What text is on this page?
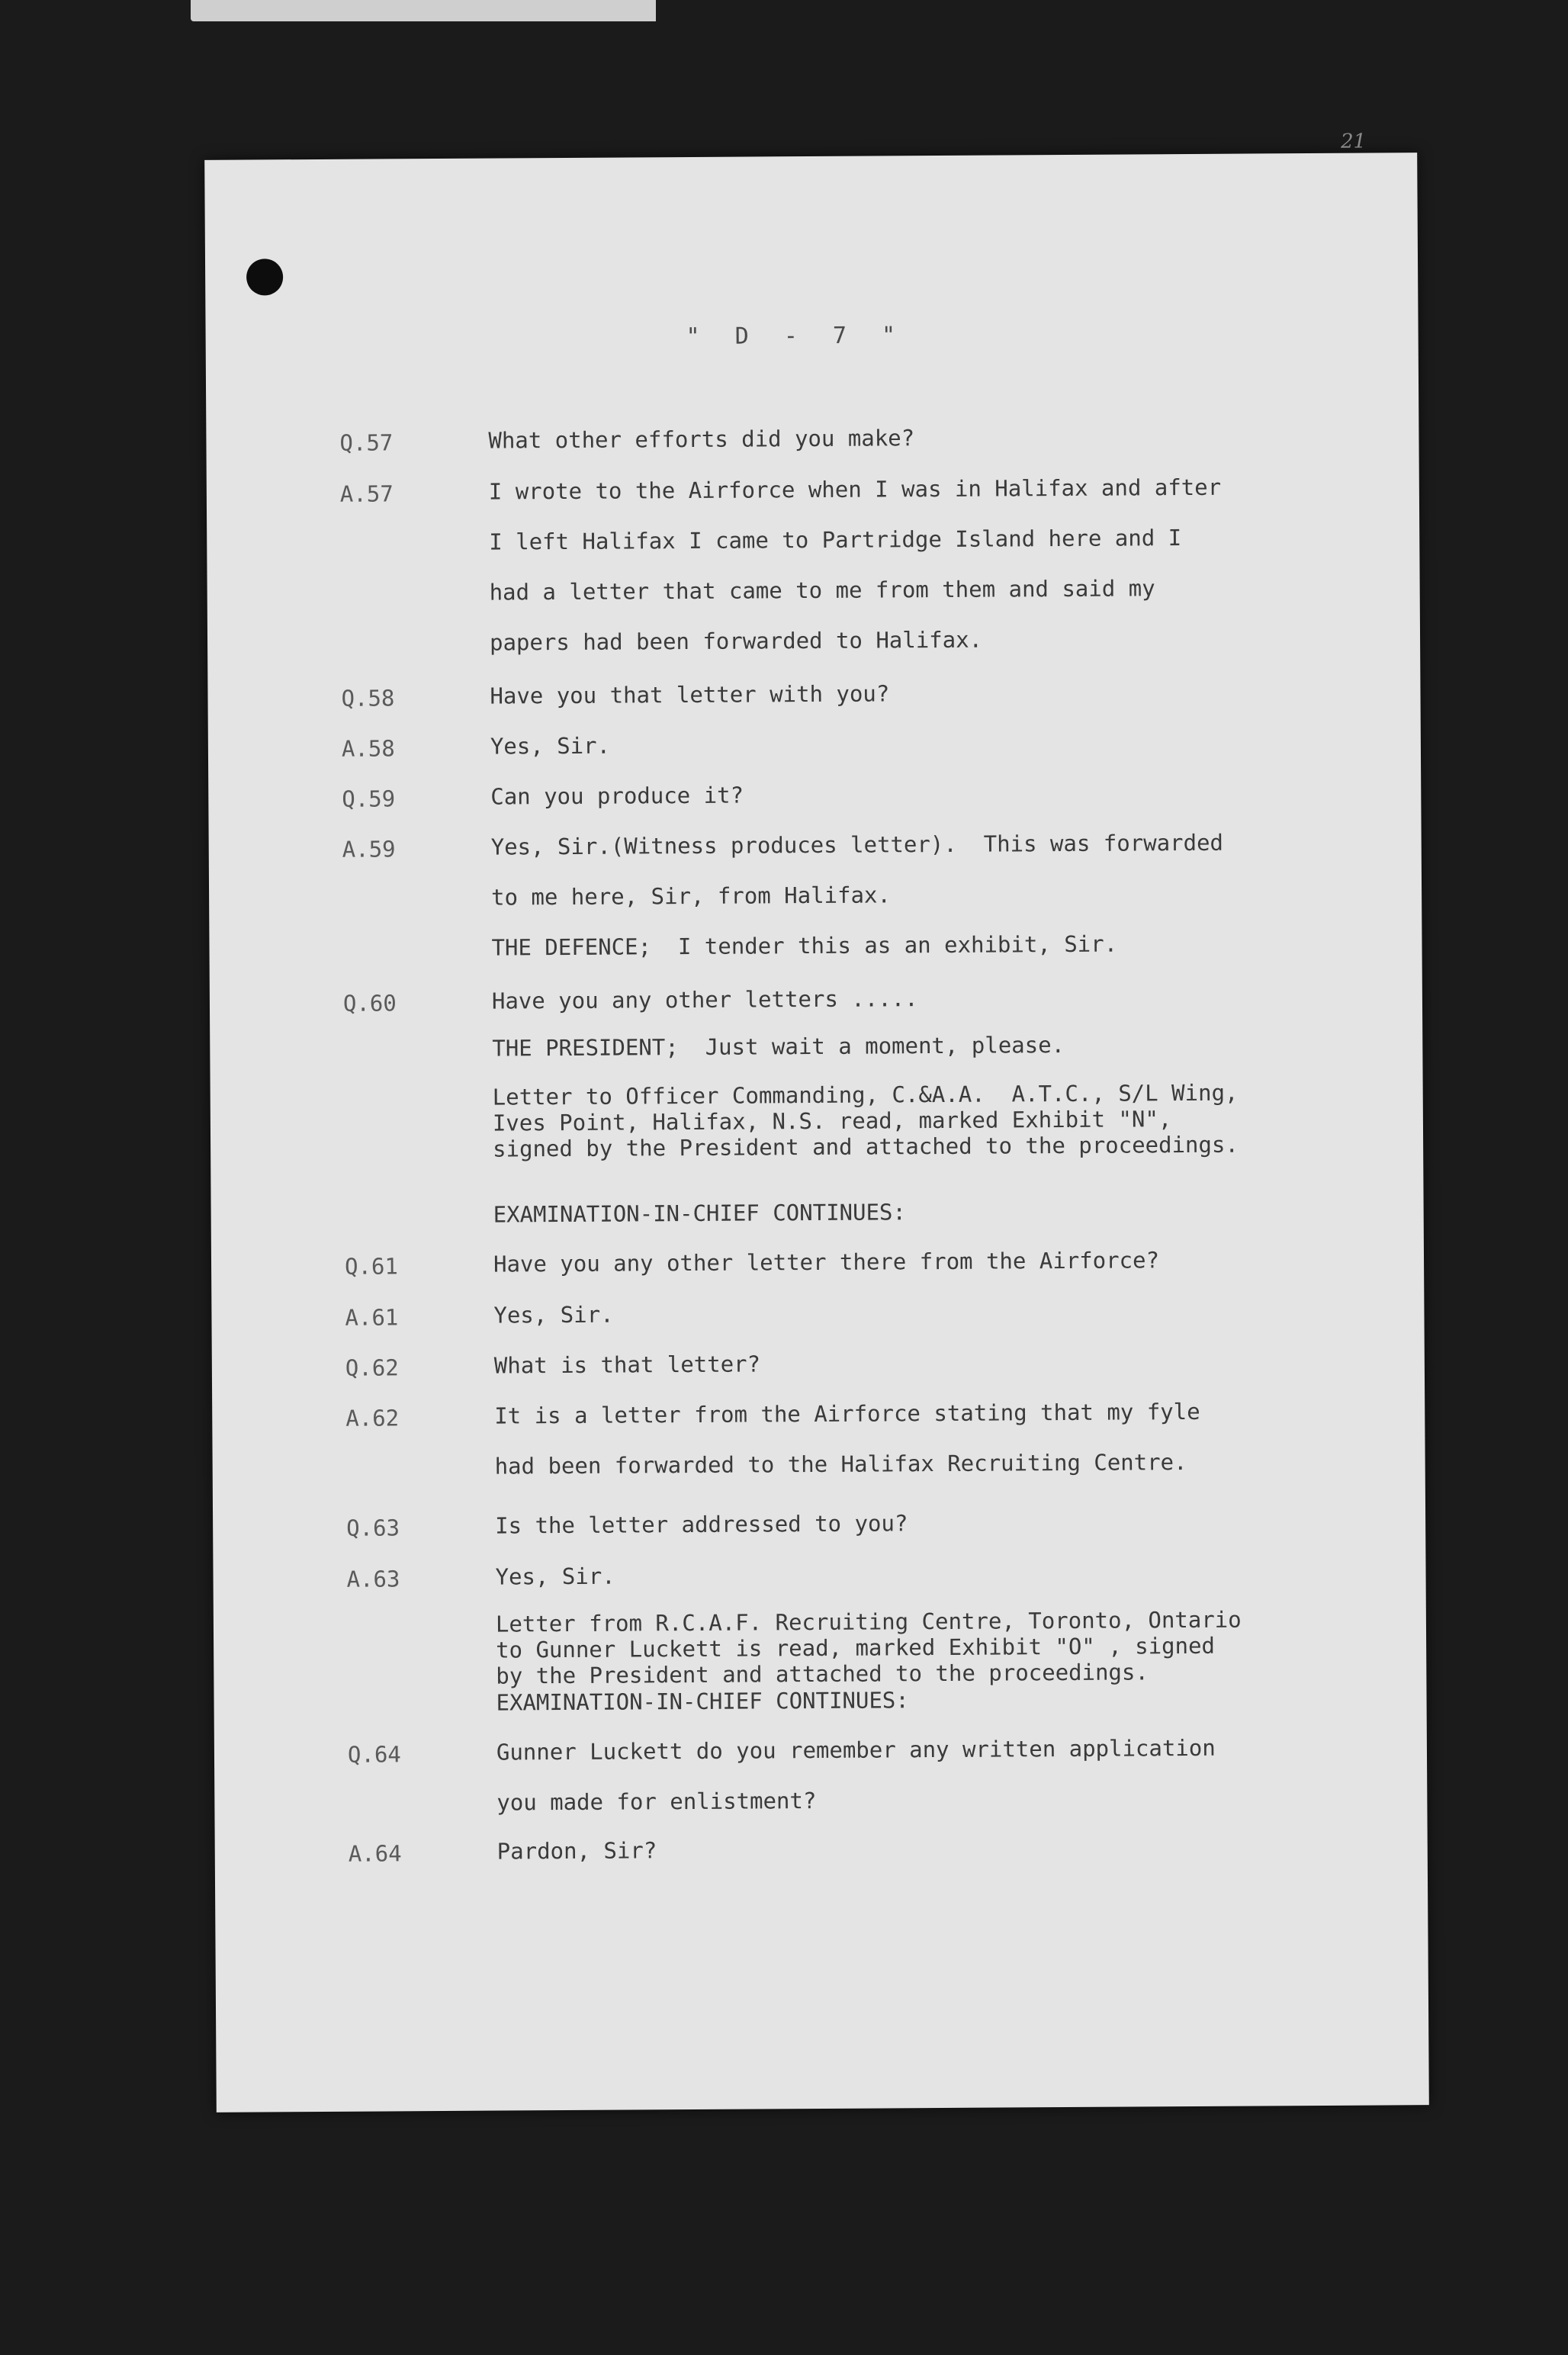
21
" D - 7 "
Q.57	What other efforts did you make?
A.57	I wrote to the Airforce when I was in Halifax and after
I left Halifax I came to Partridge Island here and I
had a letter that came to me from them and said my
papers had been forwarded to Halifax.
Q.58	Have you that letter with you?
A.58	Yes, Sir.
Q.59	Can you produce it?
A.59	Yes, Sir.(Witness produces letter).  This was forwarded
to me here, Sir, from Halifax.
THE DEFENCE;  I tender this as an exhibit, Sir.
Q.60	Have you any other letters .....
THE PRESIDENT;  Just wait a moment, please.
Letter to Officer Commanding, C.&A.A.  A.T.C., S/L Wing,
Ives Point, Halifax, N.S. read, marked Exhibit "N",
signed by the President and attached to the proceedings.
EXAMINATION-IN-CHIEF CONTINUES:
Q.61	Have you any other letter there from the Airforce?
A.61	Yes, Sir.
Q.62	What is that letter?
A.62	It is a letter from the Airforce stating that my fyle
had been forwarded to the Halifax Recruiting Centre.
Q.63	Is the letter addressed to you?
A.63	Yes, Sir.
Letter from R.C.A.F. Recruiting Centre, Toronto, Ontario
to Gunner Luckett is read, marked Exhibit "O" , signed
by the President and attached to the proceedings.
EXAMINATION-IN-CHIEF CONTINUES:
Q.64	Gunner Luckett do you remember any written application
you made for enlistment?
A.64	Pardon, Sir?
